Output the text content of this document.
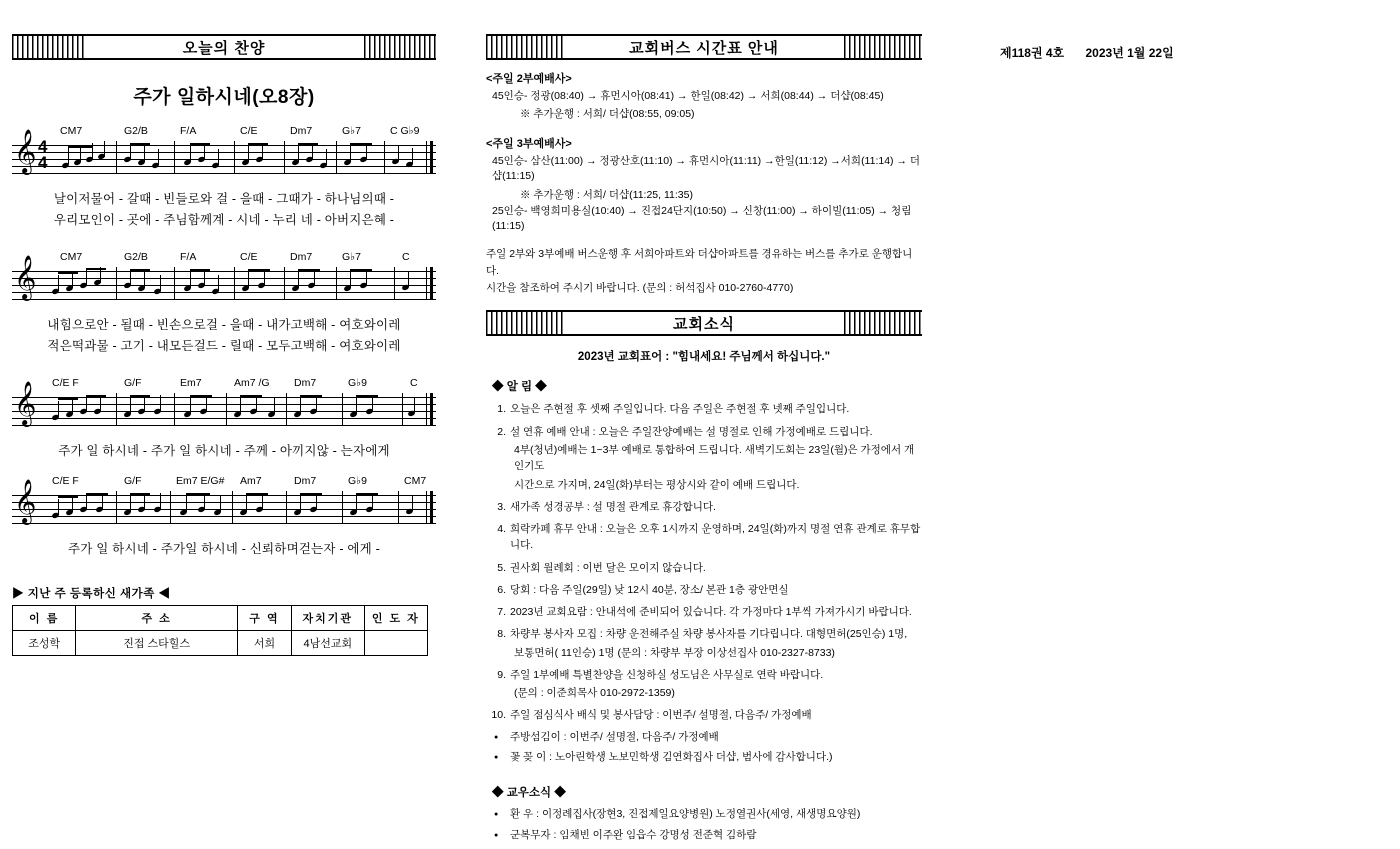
오늘의 찬양
주가 일하시네(오8장)
CM7	G2/B	F/A	C/E	Dm7	G♭7	C G♭9
𝄞 4
4
날이저물어 - 갈때 - 빈들로와 걸 - 을때 - 그때가 - 하나님의때 -
우리모인이 - 곳에 - 주님함께계 - 시네 - 누리 네 - 아버지은혜 -
CM7	G2/B	F/A	C/E	Dm7	G♭7	C
𝄞
내힘으로안 - 될때 - 빈손으로걸 - 을때 - 내가고백해 - 여호와이레
적은떡과물 - 고기 - 내모든걸드 - 릴때 - 모두고백해 - 여호와이레
C/E F	G/F	Em7	Am7 /G Dm7	G♭9	C
𝄞
주가 일 하시네 - 주가 일 하시네 - 주께 - 아끼지않 - 는자에게
C/E F	G/F	Em7 E/G# Am7	Dm7	G♭9	CM7
𝄞
주가 일 하시네 - 주가일 하시네 - 신뢰하며걷는자 - 에게 -
▶ 지난 주 등록하신 새가족 ◀
이 름	주 소	구 역	자치기관	인 도 자
조성학	진접 스타힐스	서희	4남선교회	
교회버스 시간표 안내
<주일 2부예배사>
45인승- 정광(08:40) → 휴먼시아(08:41) → 한일(08:42) → 서희(08:44) → 더샵(08:45)
※ 추가운행 : 서희/ 더샵(08:55, 09:05)
<주일 3부예배사>
45인승- 삼산(11:00) → 정광산호(11:10) → 휴먼시아(11:11) →한일(11:12) →서희(11:14) → 더샵(11:15)
※ 추가운행 : 서희/ 더샵(11:25, 11:35)
25인승- 백영희미용실(10:40) → 진접24단지(10:50) → 신창(11:00) → 하이빌(11:05) → 청림(11:15)
주일 2부와 3부예배 버스운행 후 서희아파트와 더샵아파트를 경유하는 버스를 추가로 운행합니다.
시간을 참조하여 주시기 바랍니다. (문의 : 허석집사 010-2760-4770)
교회소식
2023년 교회표어 : "힘내세요! 주님께서 하십니다."
◆ 알 림 ◆
1. 오늘은 주현절 후 셋째 주일입니다. 다음 주일은 주현절 후 넷째 주일입니다.
2. 설 연휴 예배 안내 : 오늘은 주일잔양예배는 설 명절로 인해 가정예배로 드립니다.
4부(청년)예배는 1~3부 예배로 통합하여 드립니다. 새벽기도회는 23일(월)은 가정에서 개인기도
시간으로 가지며, 24일(화)부터는 평상시와 같이 예배 드립니다.
3. 새가족 성경공부 : 설 명절 관계로 휴강합니다.
4. 희락카페 휴무 안내 : 오늘은 오후 1시까지 운영하며, 24일(화)까지 명절 연휴 관계로 휴무합니다.
5. 권사회 월례회 : 이번 달은 모이지 않습니다.
6. 당회 : 다음 주일(29일) 낮 12시 40분, 장소/ 본관 1층 광안면실
7. 2023년 교회요람 : 안내석에 준비되어 있습니다. 각 가정마다 1부씩 가져가시기 바랍니다.
8. 차량부 봉사자 모집 : 차량 운전해주실 차량 봉사자를 기다립니다. 대형면허(25인승) 1명,
보통면허( 11인승) 1명 (문의 : 차량부 부장 이상선집사 010-2327-8733)
9. 주일 1부예배 특별찬양을 신청하실 성도님은 사무실로 연락 바랍니다.
(문의 : 이준희목사 010-2972-1359)
10. 주일 점심식사 배식 및 봉사담당 : 이번주/ 설명절, 다음주/ 가정예배
● 주방섬김이 : 이번주/ 설명절, 다음주/ 가정예배
● 꽃 꽂 이 : 노아린학생 노보민학생 김연화집사 더샵, 범사에 감사합니다.)
◆ 교우소식 ◆
● 환 우 : 이정례집사(장현3, 진접제일요양병원) 노정열권사(세영, 새생명요양원)
● 군복무자 : 임채빈 이주완 임읍수 강명성 전준혁 김하람
제118권 4호 2023년 1월 22일
